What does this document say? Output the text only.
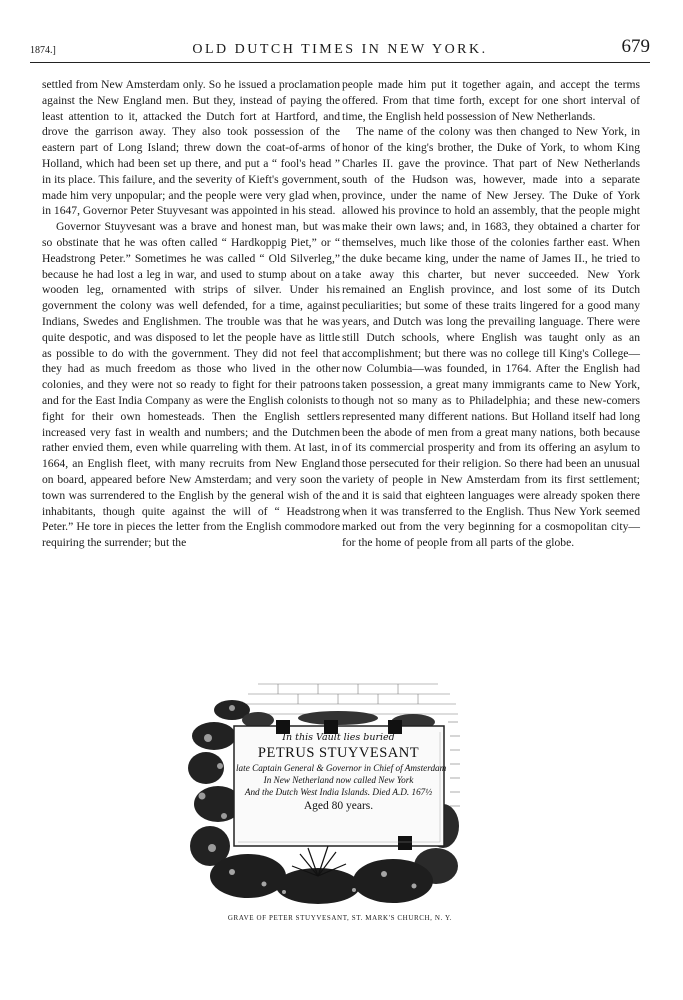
1874.]	OLD DUTCH TIMES IN NEW YORK.	679

settled from New Amsterdam only. So he issued a proclamation against the New England men. But they, instead of paying the least attention to it, attacked the Dutch fort at Hartford, and drove the garrison away. They also took possession of the eastern part of Long Island; threw down the coat-of-arms of Holland, which had been set up there, and put a “ fool's head ” in its place. This failure, and the severity of Kieft's government, made him very unpopular; and the people were very glad when, in 1647, Governor Peter Stuyvesant was appointed in his stead.

Governor Stuyvesant was a brave and honest man, but was so obstinate that he was often called “ Hardkoppig Piet,” or “ Headstrong Peter.” Sometimes he was called “ Old Silverleg,” because he had lost a leg in war, and used to stump about on a wooden leg, ornamented with strips of silver. Under his government the colony was well defended, for a time, against Indians, Swedes and Englishmen. The trouble was that he was quite despotic, and was disposed to let the people have as little as possible to do with the government. They did not feel that they had as much freedom as those who lived in the other colonies, and they were not so ready to fight for their patroons and for the East India Company as were the English colonists to fight for their own homesteads. Then the English settlers increased very fast in wealth and numbers; and the Dutchmen rather envied them, even while quarreling with them. At last, in 1664, an English fleet, with many recruits from New England on board, appeared before New Amsterdam; and very soon the town was surrendered to the English by the general wish of the inhabitants, though quite against the will of “ Headstrong Peter.” He tore in pieces the letter from the English commodore requiring the surrender; but the

people made him put it together again, and accept the terms offered. From that time forth, except for one short interval of time, the English held possession of New Netherlands.

The name of the colony was then changed to New York, in honor of the king's brother, the Duke of York, to whom King Charles II. gave the province. That part of New Netherlands south of the Hudson was, however, made into a separate province, under the name of New Jersey. The Duke of York allowed his province to hold an assembly, that the people might make their own laws; and, in 1683, they obtained a charter for themselves, much like those of the colonies farther east. When the duke became king, under the name of James II., he tried to take away this charter, but never succeeded. New York remained an English province, and lost some of its Dutch peculiarities; but some of these traits lingered for a good many years, and Dutch was long the prevailing language. There were still Dutch schools, where English was taught only as an accomplishment; but there was no college till King's College—now Columbia—was founded, in 1764. After the English had taken possession, a great many immigrants came to New York, though not so many as to Philadelphia; and these new-comers represented many different nations. But Holland itself had long been the abode of men from a great many nations, both because of its commercial prosperity and from its offering an asylum to those persecuted for their religion. So there had been an unusual variety of people in New Amsterdam from its first settlement; and it is said that eighteen languages were already spoken there when it was transferred to the English. Thus New York seemed marked out from the very beginning for a cosmopolitan city—for the home of people from all parts of the globe.

In this Vault lies buried
PETRUS STUYVESANT
late Captain General & Governor in Chief of Amsterdam
In New Netherland now called New York
And the Dutch West India Islands. Died A.D. 167½
Aged 80 years.
GRAVE OF PETER STUYVESANT, ST. MARK'S CHURCH, N. Y.
